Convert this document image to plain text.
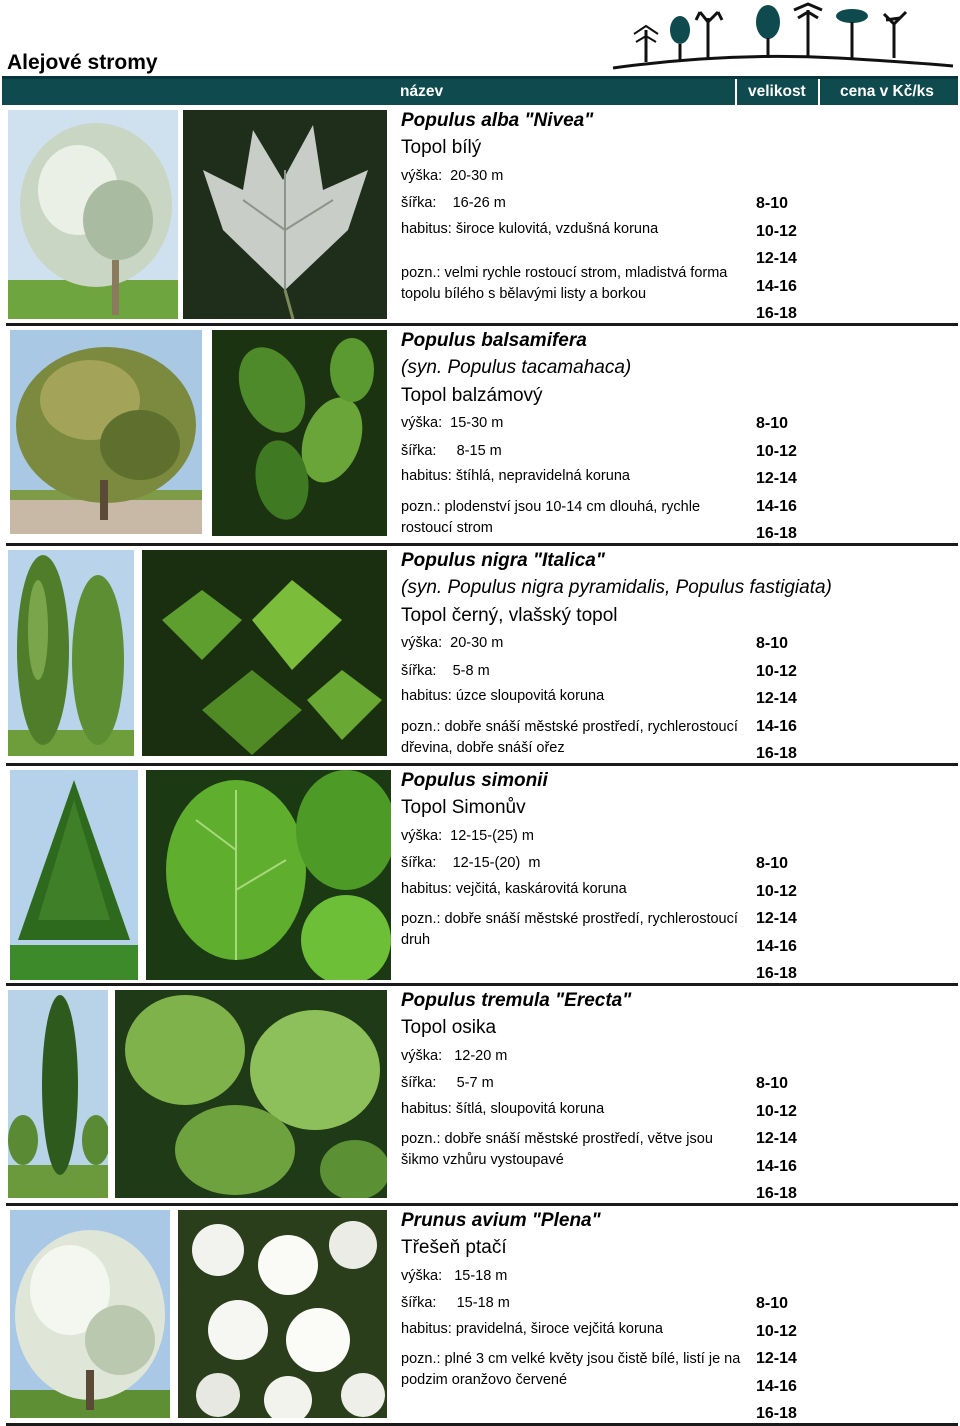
Alejové stromy
název	velikost cena v Kč/ks
Populus alba "Nivea"
Topol bílý
výška: 20-30 m
šířka: 16-26 m
habitus: široce kulovitá, vzdušná koruna
pozn.: velmi rychle rostoucí strom, mladistvá forma topolu bílého s bělavými listy a borkou
8-10
10-12
12-14
14-16
16-18
Populus balsamifera
(syn. Populus tacamahaca)
Topol balzámový
výška: 15-30 m
šířka: 8-15 m
habitus: štíhlá, nepravidelná koruna
pozn.: plodenství jsou 10-14 cm dlouhá, rychle rostoucí strom
8-10
10-12
12-14
14-16
16-18
Populus nigra "Italica"
(syn. Populus nigra pyramidalis, Populus fastigiata)
Topol černý, vlašský topol
výška: 20-30 m
šířka: 5-8 m
habitus: úzce sloupovitá koruna
pozn.: dobře snáší městské prostředí, rychlerostoucí dřevina, dobře snáší ořez
8-10
10-12
12-14
14-16
16-18
Populus simonii
Topol Simonův
výška: 12-15-(25) m
šířka: 12-15-(20)  m
habitus: vejčitá, kaskárovitá koruna
pozn.: dobře snáší městské prostředí, rychlerostoucí druh
8-10
10-12
12-14
14-16
16-18
Populus tremula "Erecta"
Topol osika
výška: 12-20 m
šířka: 5-7 m
habitus: šítlá, sloupovitá koruna
pozn.: dobře snáší městské prostředí, větve jsou šikmo vzhůru vystoupavé
8-10
10-12
12-14
14-16
16-18
Prunus avium "Plena"
Třešeň ptačí
výška: 15-18 m
šířka: 15-18 m
habitus: pravidelná, široce vejčitá koruna
pozn.: plné 3 cm velké květy jsou čistě bílé, listí je na podzim oranžovo červené
8-10
10-12
12-14
14-16
16-18
